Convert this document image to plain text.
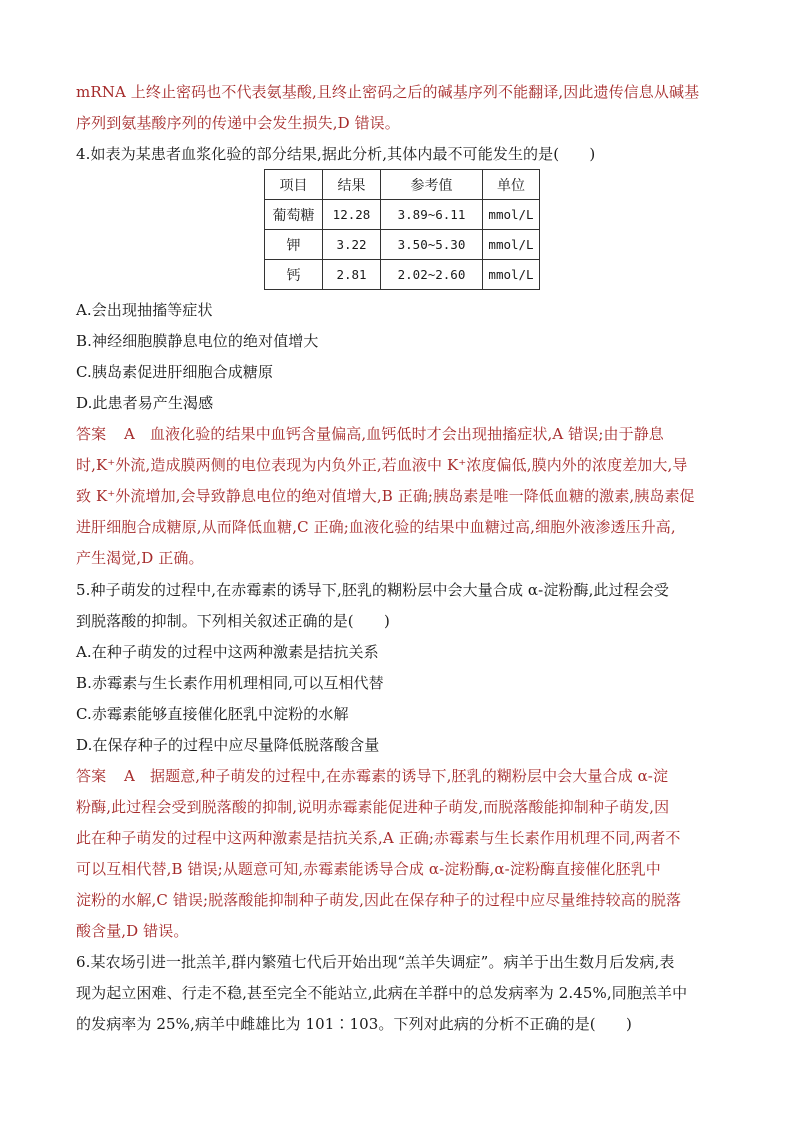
mRNA 上终止密码也不代表氨基酸,且终止密码之后的碱基序列不能翻译,因此遗传信息从碱基
序列到氨基酸序列的传递中会发生损失,D 错误。
4.如表为某患者血浆化验的部分结果,据此分析,其体内最不可能发生的是(　　)
项目	结果	参考值	单位
葡萄糖	12.28	3.89~6.11	mmol/L
钾	3.22	3.50~5.30	mmol/L
钙	2.81	2.02~2.60	mmol/L
A.会出现抽搐等症状
B.神经细胞膜静息电位的绝对值增大
C.胰岛素促进肝细胞合成糖原
D.此患者易产生渴感
答案 A 血液化验的结果中血钙含量偏高,血钙低时才会出现抽搐症状,A 错误;由于静息
时,K⁺外流,造成膜两侧的电位表现为内负外正,若血液中 K⁺浓度偏低,膜内外的浓度差加大,导
致 K⁺外流增加,会导致静息电位的绝对值增大,B 正确;胰岛素是唯一降低血糖的激素,胰岛素促
进肝细胞合成糖原,从而降低血糖,C 正确;血液化验的结果中血糖过高,细胞外液渗透压升高,
产生渴觉,D 正确。
5.种子萌发的过程中,在赤霉素的诱导下,胚乳的糊粉层中会大量合成 α-淀粉酶,此过程会受
到脱落酸的抑制。下列相关叙述正确的是(　　)
A.在种子萌发的过程中这两种激素是拮抗关系
B.赤霉素与生长素作用机理相同,可以互相代替
C.赤霉素能够直接催化胚乳中淀粉的水解
D.在保存种子的过程中应尽量降低脱落酸含量
答案 A 据题意,种子萌发的过程中,在赤霉素的诱导下,胚乳的糊粉层中会大量合成 α-淀
粉酶,此过程会受到脱落酸的抑制,说明赤霉素能促进种子萌发,而脱落酸能抑制种子萌发,因
此在种子萌发的过程中这两种激素是拮抗关系,A 正确;赤霉素与生长素作用机理不同,两者不
可以互相代替,B 错误;从题意可知,赤霉素能诱导合成 α-淀粉酶,α-淀粉酶直接催化胚乳中
淀粉的水解,C 错误;脱落酸能抑制种子萌发,因此在保存种子的过程中应尽量维持较高的脱落
酸含量,D 错误。
6.某农场引进一批羔羊,群内繁殖七代后开始出现“羔羊失调症”。病羊于出生数月后发病,表
现为起立困难、行走不稳,甚至完全不能站立,此病在羊群中的总发病率为 2.45%,同胞羔羊中
的发病率为 25%,病羊中雌雄比为 101∶103。下列对此病的分析不正确的是(　　)
